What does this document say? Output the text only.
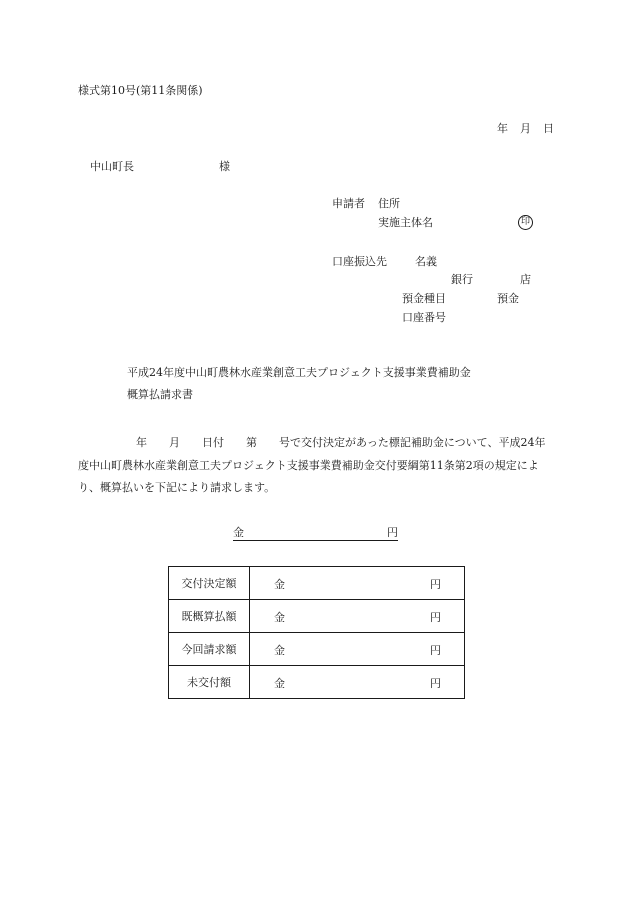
様式第10号(第11条関係)
年 月 日
中山町長	様
申請者 住所
実施主体名	印
口座振込先	名義
銀行	店
預金種目	預金
口座番号
平成24年度中山町農林水産業創意工夫プロジェクト支援事業費補助金
概算払請求書
年　　月　　日付　　第　　号で交付決定があった標記補助金について、平成24年度中山町農林水産業創意工夫プロジェクト支援事業費補助金交付要綱第11条第2項の規定により、概算払いを下記により請求します。
金	円
交付決定額	金 円

既概算払額	金 円

今回請求額	金 円

未交付額	金 円
